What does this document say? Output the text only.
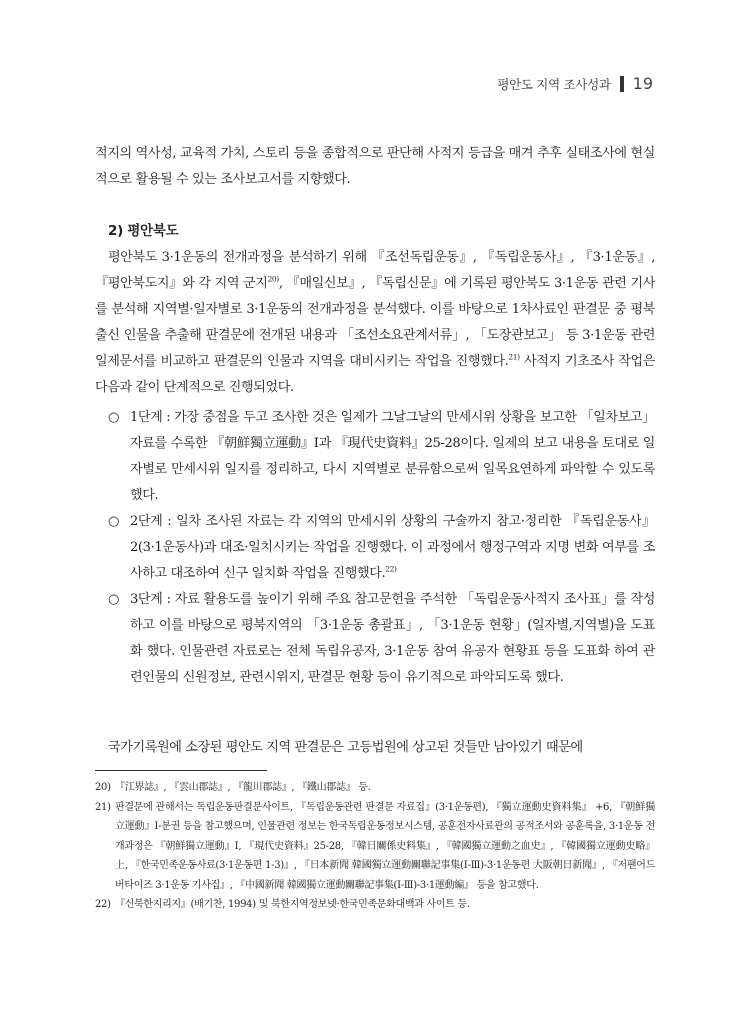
평안도 지역 조사성과 19
적지의 역사성, 교육적 가치, 스토리 등을 종합적으로 판단해 사적지 등급을 매겨 추후 실태조사에 현실적으로 활용될 수 있는 조사보고서를 지향했다.
2) 평안북도
평안북도 3·1운동의 전개과정을 분석하기 위해 『조선독립운동』, 『독립운동사』, 『3·1운동』, 『평안북도지』와 각 지역 군지$^{20)}$, 『매일신보』, 『독립신문』에 기록된 평안북도 3·1운동 관련 기사를 분석해 지역별·일자별로 3·1운동의 전개과정을 분석했다. 이를 바탕으로 1차사료인 판결문 중 평북출신 인물을 추출해 판결문에 전개된 내용과 「조선소요관계서류」, 「도장관보고」 등 3·1운동 관련 일제문서를 비교하고 판결문의 인물과 지역을 대비시키는 작업을 진행했다.$^{21)}$ 사적지 기초조사 작업은 다음과 같이 단계적으로 진행되었다.
○ 1단계 : 가장 중점을 두고 조사한 것은 일제가 그날그날의 만세시위 상황을 보고한 「일차보고」 자료를 수록한 『朝鮮獨立運動』Ⅰ과 『現代史資料』25-28이다. 일제의 보고 내용을 토대로 일자별로 만세시위 일지를 정리하고, 다시 지역별로 분류함으로써 일목요연하게 파악할 수 있도록 했다.
○ 2단계 : 일차 조사된 자료는 각 지역의 만세시위 상황의 구술까지 참고·정리한 『독립운동사』 2(3·1운동사)과 대조·일치시키는 작업을 진행했다. 이 과정에서 행정구역과 지명 변화 여부를 조사하고 대조하여 신구 일치화 작업을 진행했다.$^{22)}$
○ 3단계 : 자료 활용도를 높이기 위해 주요 참고문헌을 주석한 「독립운동사적지 조사표」를 작성하고 이를 바탕으로 평북지역의 「3·1운동 총괄표」, 「3·1운동 현황」(일자별,지역별)을 도표화 했다. 인물관련 자료로는 전체 독립유공자, 3·1운동 참여 유공자 현황표 등을 도표화 하여 관련인물의 신원정보, 관련시위지, 판결문 현황 등이 유기적으로 파악되도록 했다.
국가기록원에 소장된 평안도 지역 판결문은 고등법원에 상고된 것들만 남아있기 때문에
20) 『江界誌』, 『雲山郡誌』, 『龍川郡誌』, 『鐵山郡誌』 등.
21) 판결문에 관해서는 독립운동판결문사이트, 『독립운동관련 판결문 자료집』(3·1운동편), 『獨立運動史資料集』 +6, 『朝鮮獨立運動』Ⅰ-분권 등을 참고했으며, 인물관련 정보는 한국독립운동정보시스템, 공훈전자사료관의 공적조서와 공훈록을, 3·1운동 전개과정은 『朝鮮獨立運動』Ⅰ, 『現代史資料』25-28, 『韓日關係史料集』, 『韓國獨立運動之血史』, 『韓國獨立運動史略』上, 『한국민족운동사료(3·1운동편 1-3)』, 『日本新聞 韓國獨立運動關聯記事集(Ⅰ-Ⅲ)-3·1운동편 大阪朝日新聞』, 『저팬어드버타이즈 3·1운동 기사집』, 『中國新聞 韓國獨立運動關聯記事集(Ⅰ-Ⅲ)-3·1運動編』 등을 참고했다.
22) 『신북한지리지』(배기찬, 1994) 및 북한지역정보넷·한국민족문화대백과 사이트 등.
